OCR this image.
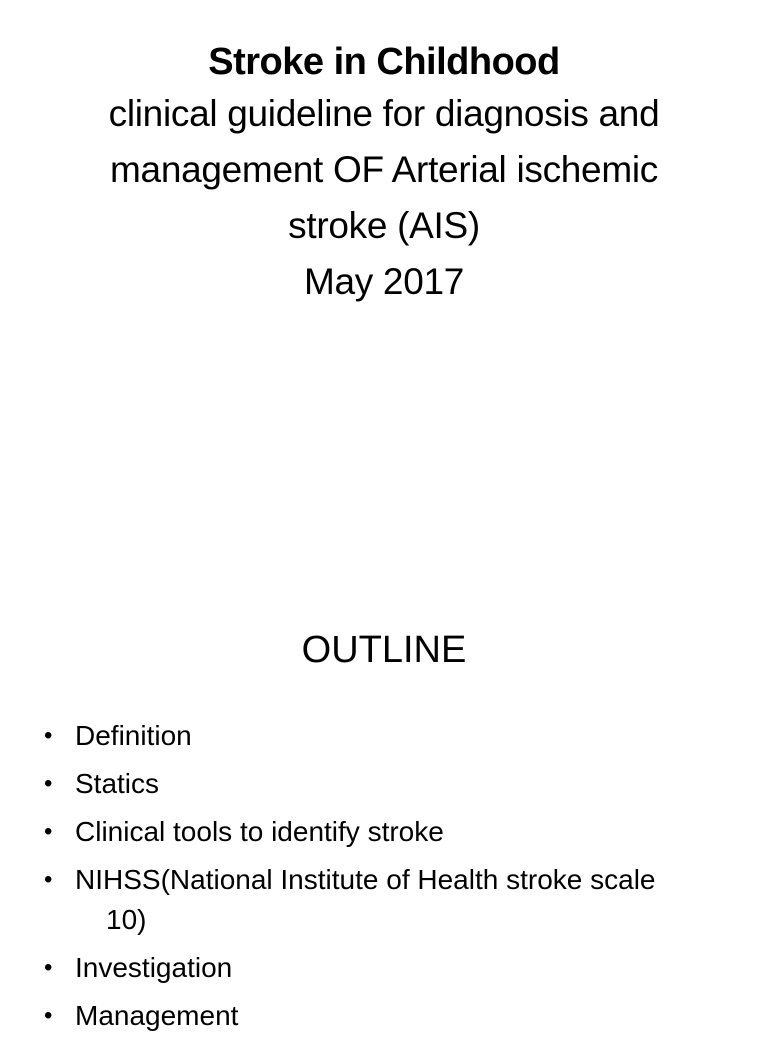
Stroke in Childhood
clinical guideline for diagnosis and
management OF Arterial ischemic
stroke (AIS)
May 2017
OUTLINE
• Definition
• Statics
• Clinical tools to identify stroke
• NIHSS(National Institute of Health stroke scale
10)
• Investigation
• Management
